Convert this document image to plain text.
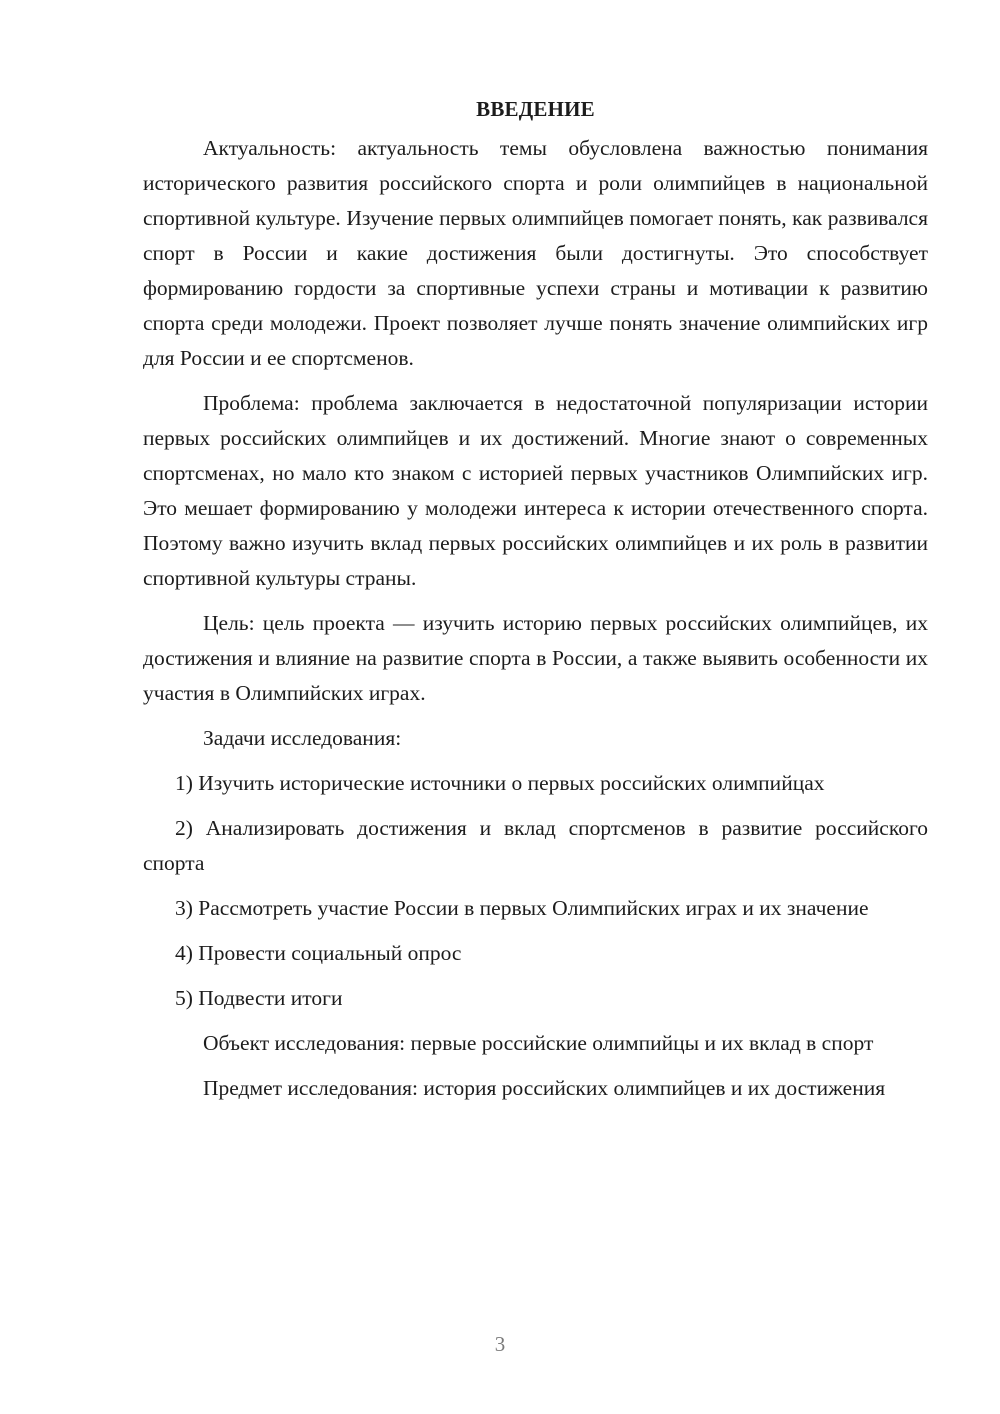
ВВЕДЕНИЕ

Актуальность: актуальность темы обусловлена важностью понимания исторического развития российского спорта и роли олимпийцев в национальной спортивной культуре. Изучение первых олимпийцев помогает понять, как развивался спорт в России и какие достижения были достигнуты. Это способствует формированию гордости за спортивные успехи страны и мотивации к развитию спорта среди молодежи. Проект позволяет лучше понять значение олимпийских игр для России и ее спортсменов.

Проблема: проблема заключается в недостаточной популяризации истории первых российских олимпийцев и их достижений. Многие знают о современных спортсменах, но мало кто знаком с историей первых участников Олимпийских игр. Это мешает формированию у молодежи интереса к истории отечественного спорта. Поэтому важно изучить вклад первых российских олимпийцев и их роль в развитии спортивной культуры страны.

Цель: цель проекта — изучить историю первых российских олимпийцев, их достижения и влияние на развитие спорта в России, а также выявить особенности их участия в Олимпийских играх.

Задачи исследования:

1) Изучить исторические источники о первых российских олимпийцах

2) Анализировать достижения и вклад спортсменов в развитие российского спорта

3) Рассмотреть участие России в первых Олимпийских играх и их значение

4) Провести социальный опрос

5) Подвести итоги

Объект исследования: первые российские олимпийцы и их вклад в спорт

Предмет исследования: история российских олимпийцев и их достижения

3
